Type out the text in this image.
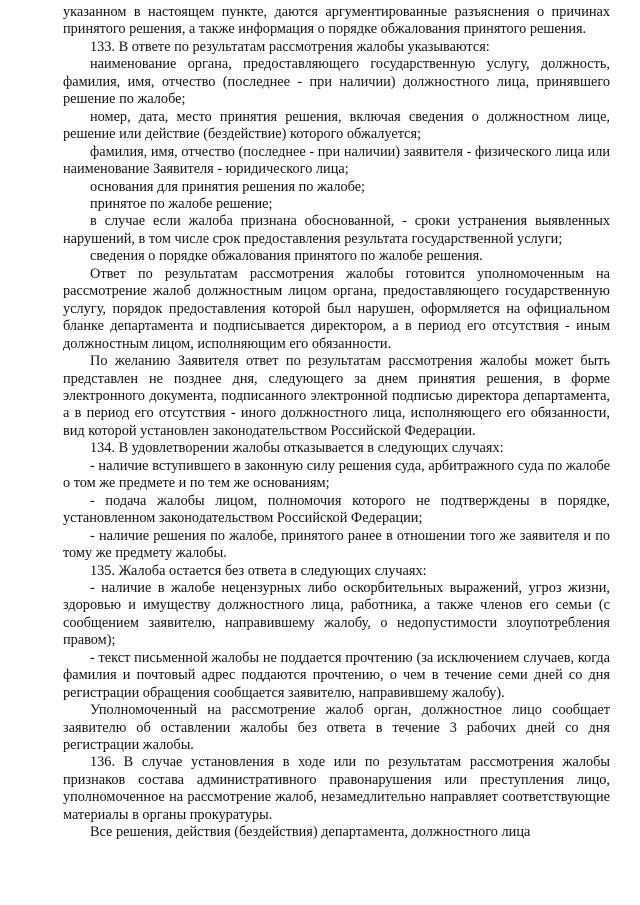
указанном в настоящем пункте, даются аргументированные разъяснения о причинах принятого решения, а также информация о порядке обжалования принятого решения.

133. В ответе по результатам рассмотрения жалобы указываются:

наименование органа, предоставляющего государственную услугу, должность, фамилия, имя, отчество (последнее - при наличии) должностного лица, принявшего решение по жалобе;

номер, дата, место принятия решения, включая сведения о должностном лице, решение или действие (бездействие) которого обжалуется;

фамилия, имя, отчество (последнее - при наличии) заявителя - физического лица или наименование Заявителя - юридического лица;

основания для принятия решения по жалобе;

принятое по жалобе решение;

в случае если жалоба признана обоснованной, - сроки устранения выявленных нарушений, в том числе срок предоставления результата государственной услуги;

сведения о порядке обжалования принятого по жалобе решения.

Ответ по результатам рассмотрения жалобы готовится уполномоченным на рассмотрение жалоб должностным лицом органа, предоставляющего государственную услугу, порядок предоставления которой был нарушен, оформляется на официальном бланке департамента и подписывается директором, а в период его отсутствия - иным должностным лицом, исполняющим его обязанности.

По желанию Заявителя ответ по результатам рассмотрения жалобы может быть представлен не позднее дня, следующего за днем принятия решения, в форме электронного документа, подписанного электронной подписью директора департамента, а в период его отсутствия - иного должностного лица, исполняющего его обязанности, вид которой установлен законодательством Российской Федерации.

134. В удовлетворении жалобы отказывается в следующих случаях:

- наличие вступившего в законную силу решения суда, арбитражного суда по жалобе о том же предмете и по тем же основаниям;

- подача жалобы лицом, полномочия которого не подтверждены в порядке, установленном законодательством Российской Федерации;

- наличие решения по жалобе, принятого ранее в отношении того же заявителя и по тому же предмету жалобы.

135. Жалоба остается без ответа в следующих случаях:

- наличие в жалобе нецензурных либо оскорбительных выражений, угроз жизни, здоровью и имуществу должностного лица, работника, а также членов его семьи (с сообщением заявителю, направившему жалобу, о недопустимости злоупотребления правом);

- текст письменной жалобы не поддается прочтению (за исключением случаев, когда фамилия и почтовый адрес поддаются прочтению, о чем в течение семи дней со дня регистрации обращения сообщается заявителю, направившему жалобу).

Уполномоченный на рассмотрение жалоб орган, должностное лицо сообщает заявителю об оставлении жалобы без ответа в течение 3 рабочих дней со дня регистрации жалобы.

136. В случае установления в ходе или по результатам рассмотрения жалобы признаков состава административного правонарушения или преступления лицо, уполномоченное на рассмотрение жалоб, незамедлительно направляет соответствующие материалы в органы прокуратуры.

Все решения, действия (бездействия) департамента, должностного лица
